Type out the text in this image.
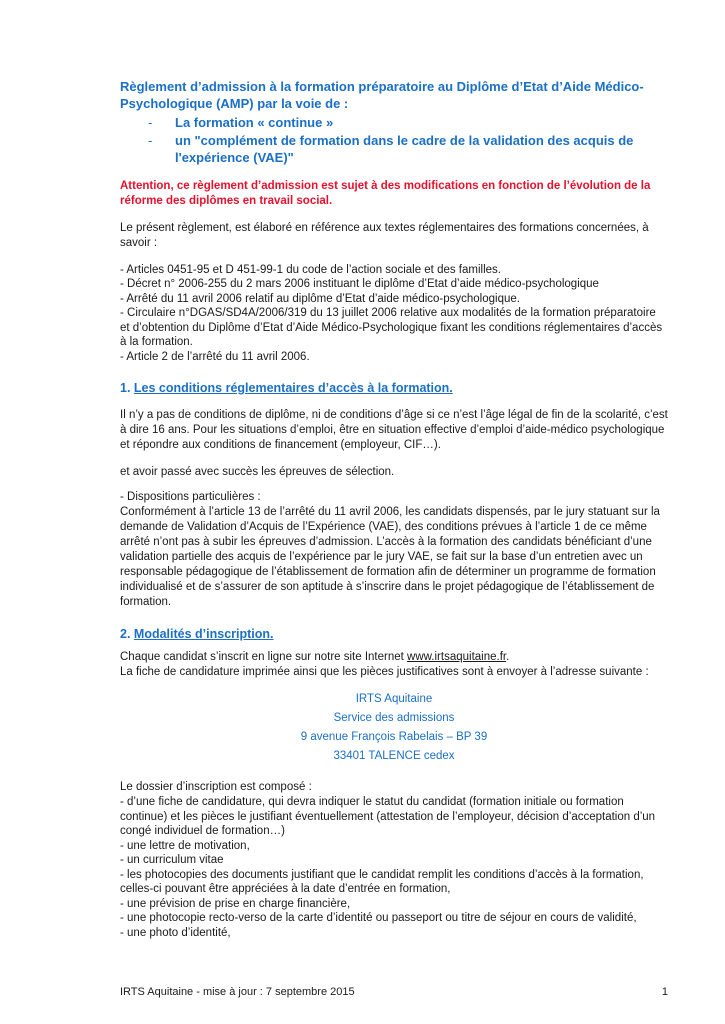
Règlement d’admission à la formation préparatoire au Diplôme d’Etat d’Aide Médico-Psychologique (AMP) par la voie de :
-	La formation « continue »
-	un "complément de formation dans le cadre de la validation des acquis de l'expérience (VAE)"

Attention, ce règlement d’admission est sujet à des modifications en fonction de l’évolution de la réforme des diplômes en travail social.

Le présent règlement, est élaboré en référence aux textes réglementaires des formations concernées, à savoir :

- Articles 0451-95 et D 451-99-1 du code de l’action sociale et des familles.

- Décret n° 2006-255 du 2 mars 2006 instituant le diplôme d’Etat d’aide médico-psychologique

- Arrêté du 11 avril 2006 relatif au diplôme d’Etat d’aide médico-psychologique.

- Circulaire n°DGAS/SD4A/2006/319 du 13 juillet 2006 relative aux modalités de la formation préparatoire et d’obtention du Diplôme d’Etat d’Aide Médico-Psychologique fixant les conditions réglementaires d’accès à la formation.

- Article 2 de l’arrêté du 11 avril 2006.

1. Les conditions réglementaires d’accès à la formation.

Il n’y a pas de conditions de diplôme, ni de conditions d’âge si ce n’est l’âge légal de fin de la scolarité, c’est à dire 16 ans. Pour les situations d’emploi, être en situation effective d’emploi d’aide-médico psychologique et répondre aux conditions de financement (employeur, CIF…).

et avoir passé avec succès les épreuves de sélection.

- Dispositions particulières :

Conformément à l’article 13 de l’arrêté du 11 avril 2006, les candidats dispensés, par le jury statuant sur la demande de Validation d’Acquis de l’Expérience (VAE), des conditions prévues à l’article 1 de ce même arrêté n’ont pas à subir les épreuves d’admission. L’accès à la formation des candidats bénéficiant d’une validation partielle des acquis de l’expérience par le jury VAE, se fait sur la base d’un entretien avec un responsable pédagogique de l’établissement de formation afin de déterminer un programme de formation individualisé et de s’assurer de son aptitude à s’inscrire dans le projet pédagogique de l’établissement de formation.

2. Modalités d’inscription.

Chaque candidat s’inscrit en ligne sur notre site Internet www.irtsaquitaine.fr.

La fiche de candidature imprimée ainsi que les pièces justificatives sont à envoyer à l’adresse suivante :

IRTS Aquitaine

Service des admissions

9 avenue François Rabelais – BP 39

33401 TALENCE cedex

Le dossier d’inscription est composé :

- d’une fiche de candidature, qui devra indiquer le statut du candidat (formation initiale ou formation continue) et les pièces le justifiant éventuellement (attestation de l’employeur, décision d’acceptation d’un congé individuel de formation…)

- une lettre de motivation,

- un curriculum vitae

- les photocopies des documents justifiant que le candidat remplit les conditions d’accès à la formation, celles-ci pouvant être appréciées à la date d’entrée en formation,

- une prévision de prise en charge financière,

- une photocopie recto-verso de la carte d’identité ou passeport ou titre de séjour en cours de validité,

- une photo d’identité,

IRTS Aquitaine - mise à jour : 7 septembre 2015	1
